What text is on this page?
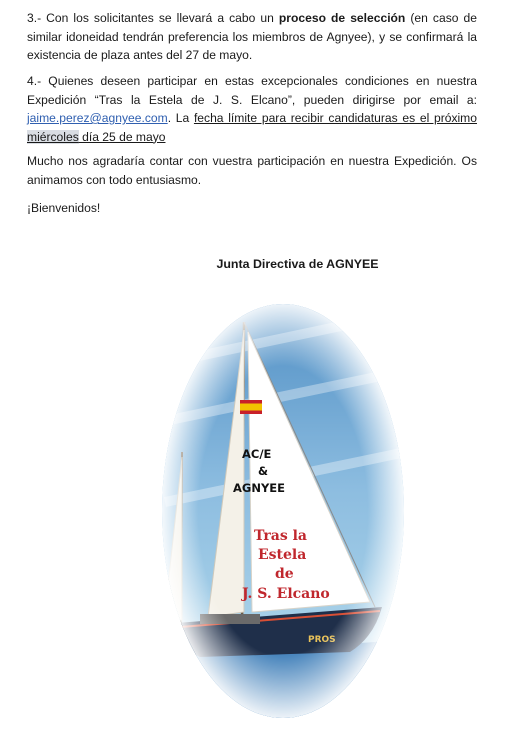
3.- Con los solicitantes se llevará a cabo un proceso de selección (en caso de similar idoneidad tendrán preferencia los miembros de Agnyee), y se confirmará la existencia de plaza antes del 27 de mayo.

4.- Quienes deseen participar en estas excepcionales condiciones en nuestra Expedición “Tras la Estela de J. S. Elcano”, pueden dirigirse por email a: jaime.perez@agnyee.com. La fecha límite para recibir candidaturas es el próximo miércoles día 25 de mayo

Mucho nos agradaría contar con vuestra participación en nuestra Expedición. Os animamos con todo entusiasmo.

¡Bienvenidos!

Junta Directiva de AGNYEE
